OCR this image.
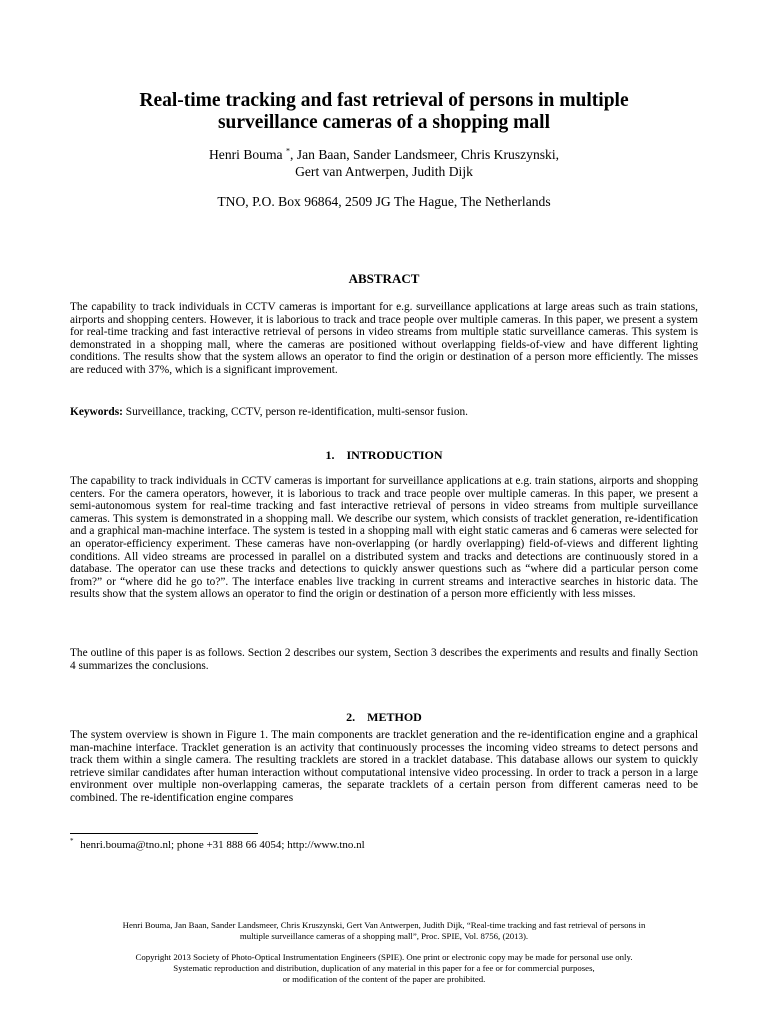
Real-time tracking and fast retrieval of persons in multiple
surveillance cameras of a shopping mall
Henri Bouma *, Jan Baan, Sander Landsmeer, Chris Kruszynski,
Gert van Antwerpen, Judith Dijk
TNO, P.O. Box 96864, 2509 JG The Hague, The Netherlands
ABSTRACT
The capability to track individuals in CCTV cameras is important for e.g. surveillance applications at large areas such as train stations, airports and shopping centers. However, it is laborious to track and trace people over multiple cameras. In this paper, we present a system for real-time tracking and fast interactive retrieval of persons in video streams from multiple static surveillance cameras. This system is demonstrated in a shopping mall, where the cameras are positioned without overlapping fields-of-view and have different lighting conditions. The results show that the system allows an operator to find the origin or destination of a person more efficiently. The misses are reduced with 37%, which is a significant improvement.
Keywords: Surveillance, tracking, CCTV, person re-identification, multi-sensor fusion.
1.    INTRODUCTION
The capability to track individuals in CCTV cameras is important for surveillance applications at e.g. train stations, airports and shopping centers. For the camera operators, however, it is laborious to track and trace people over multiple cameras. In this paper, we present a semi-autonomous system for real-time tracking and fast interactive retrieval of persons in video streams from multiple surveillance cameras. This system is demonstrated in a shopping mall. We describe our system, which consists of tracklet generation, re-identification and a graphical man-machine interface. The system is tested in a shopping mall with eight static cameras and 6 cameras were selected for an operator-efficiency experiment. These cameras have non-overlapping (or hardly overlapping) field-of-views and different lighting conditions. All video streams are processed in parallel on a distributed system and tracks and detections are continuously stored in a database. The operator can use these tracks and detections to quickly answer questions such as “where did a particular person come from?” or “where did he go to?”. The interface enables live tracking in current streams and interactive searches in historic data. The results show that the system allows an operator to find the origin or destination of a person more efficiently with less misses.
The outline of this paper is as follows. Section 2 describes our system, Section 3 describes the experiments and results and finally Section 4 summarizes the conclusions.
2.    METHOD
The system overview is shown in Figure 1. The main components are tracklet generation and the re-identification engine and a graphical man-machine interface. Tracklet generation is an activity that continuously processes the incoming video streams to detect persons and track them within a single camera. The resulting tracklets are stored in a tracklet database. This database allows our system to quickly retrieve similar candidates after human interaction without computational intensive video processing. In order to track a person in a large environment over multiple non-overlapping cameras, the separate tracklets of a certain person from different cameras need to be combined. The re-identification engine compares
* henri.bouma@tno.nl; phone +31 888 66 4054; http://www.tno.nl
Henri Bouma, Jan Baan, Sander Landsmeer, Chris Kruszynski, Gert Van Antwerpen, Judith Dijk, “Real-time tracking and fast retrieval of persons in
multiple surveillance cameras of a shopping mall”, Proc. SPIE, Vol. 8756, (2013).
Copyright 2013 Society of Photo-Optical Instrumentation Engineers (SPIE). One print or electronic copy may be made for personal use only.
Systematic reproduction and distribution, duplication of any material in this paper for a fee or for commercial purposes,
or modification of the content of the paper are prohibited.
